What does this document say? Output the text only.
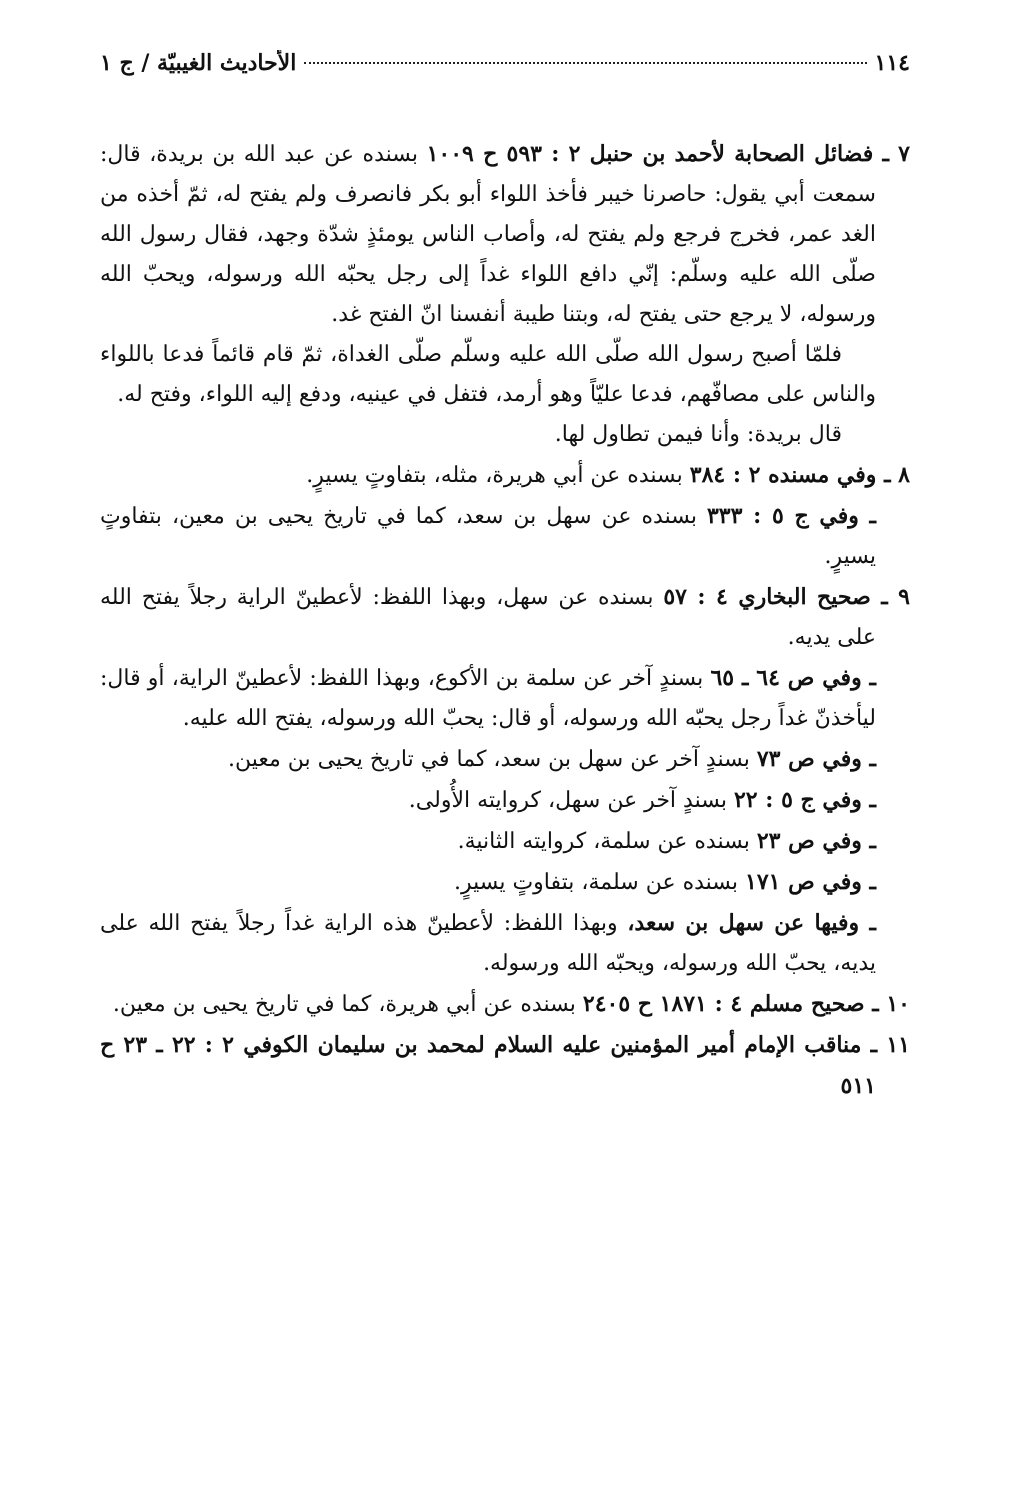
١١٤
الأحاديث الغيبيّة / ج ١

٧ ـ فضائل الصحابة لأحمد بن حنبل ٢ : ٥٩٣ ح ١٠٠٩ بسنده عن عبد الله بن بريدة، قال: سمعت أبي يقول: حاصرنا خيبر فأخذ اللواء أبو بكر فانصرف ولم يفتح له، ثمّ أخذه من الغد عمر، فخرج فرجع ولم يفتح له، وأصاب الناس يومئذٍ شدّة وجهد، فقال رسول الله صلّى الله عليه وسلّم: إنّي دافع اللواء غداً إلى رجل يحبّه الله ورسوله، ويحبّ الله ورسوله، لا يرجع حتى يفتح له، وبتنا طيبة أنفسنا انّ الفتح غد.

فلمّا أصبح رسول الله صلّى الله عليه وسلّم صلّى الغداة، ثمّ قام قائماً فدعا باللواء والناس على مصافّهم، فدعا عليّاً وهو أرمد، فتفل في عينيه، ودفع إليه اللواء، وفتح له.

قال بريدة: وأنا فيمن تطاول لها.

٨ ـ وفي مسنده ٢ : ٣٨٤ بسنده عن أبي هريرة، مثله، بتفاوتٍ يسيرٍ.

ـ وفي ج ٥ : ٣٣٣ بسنده عن سهل بن سعد، كما في تاريخ يحيى بن معين، بتفاوتٍ يسيرٍ.

٩ ـ صحيح البخاري ٤ : ٥٧ بسنده عن سهل، وبهذا اللفظ: لأعطينّ الراية رجلاً يفتح الله على يديه.

ـ وفي ص ٦٤ ـ ٦٥ بسندٍ آخر عن سلمة بن الأكوع، وبهذا اللفظ: لأعطينّ الراية، أو قال: ليأخذنّ غداً رجل يحبّه الله ورسوله، أو قال: يحبّ الله ورسوله، يفتح الله عليه.

ـ وفي ص ٧٣ بسندٍ آخر عن سهل بن سعد، كما في تاريخ يحيى بن معين.

ـ وفي ج ٥ : ٢٢ بسندٍ آخر عن سهل، كروايته الأُولى.

ـ وفي ص ٢٣ بسنده عن سلمة، كروايته الثانية.

ـ وفي ص ١٧١ بسنده عن سلمة، بتفاوتٍ يسيرٍ.

ـ وفيها عن سهل بن سعد، وبهذا اللفظ: لأعطينّ هذه الراية غداً رجلاً يفتح الله على يديه، يحبّ الله ورسوله، ويحبّه الله ورسوله.

١٠ ـ صحيح مسلم ٤ : ١٨٧١ ح ٢٤٠٥ بسنده عن أبي هريرة، كما في تاريخ يحيى بن معين.

١١ ـ مناقب الإمام أمير المؤمنين عليه السلام لمحمد بن سليمان الكوفي ٢ : ٢٢ ـ ٢٣ ح ٥١١
